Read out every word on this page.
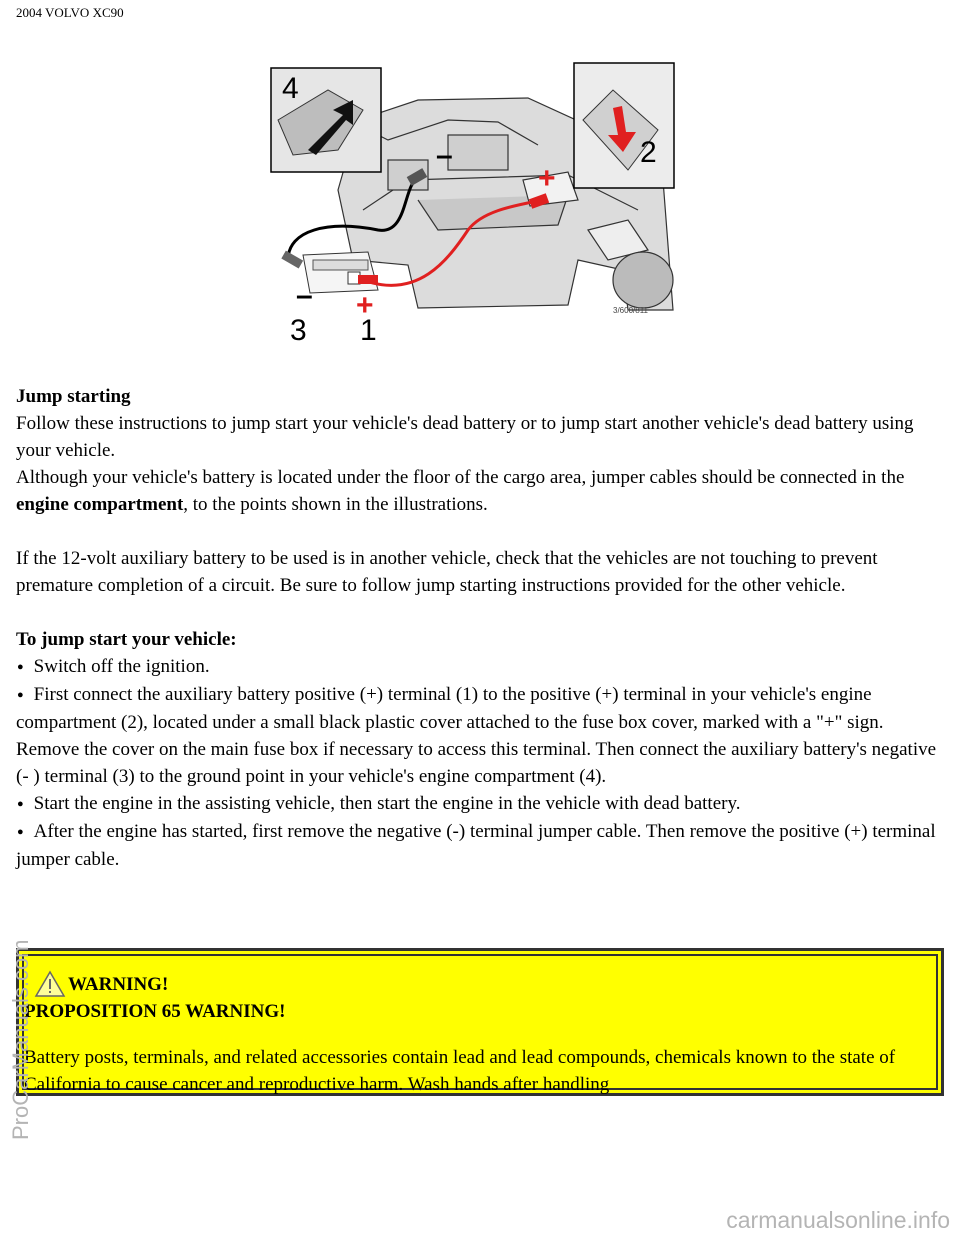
2004 VOLVO XC90
4
2
–
+
+
–
3 1
3/600/811

Jump starting

Follow these instructions to jump start your vehicle's dead battery or to jump start another vehicle's dead battery using your vehicle.

Although your vehicle's battery is located under the floor of the cargo area, jumper cables should be connected in the engine compartment, to the points shown in the illustrations.

If the 12-volt auxiliary battery to be used is in another vehicle, check that the vehicles are not touching to prevent premature completion of a circuit. Be sure to follow jump starting instructions provided for the other vehicle.

To jump start your vehicle:

● Switch off the ignition.

● First connect the auxiliary battery positive (+) terminal (1) to the positive (+) terminal in your vehicle's engine compartment (2), located under a small black plastic cover attached to the fuse box cover, marked with a "+" sign.

Remove the cover on the main fuse box if necessary to access this terminal. Then connect the auxiliary battery's negative (- ) terminal (3) to the ground point in your vehicle's engine compartment (4).

● Start the engine in the assisting vehicle, then start the engine in the vehicle with dead battery.

● After the engine has started, first remove the negative (-) terminal jumper cable. Then remove the positive (+) terminal jumper cable.

WARNING!
PROPOSITION 65 WARNING!

Battery posts, terminals, and related accessories contain lead and lead compounds, chemicals known to the state of California to cause cancer and reproductive harm. Wash hands after handling

ProCarManuals.com
carmanualsonline.info
